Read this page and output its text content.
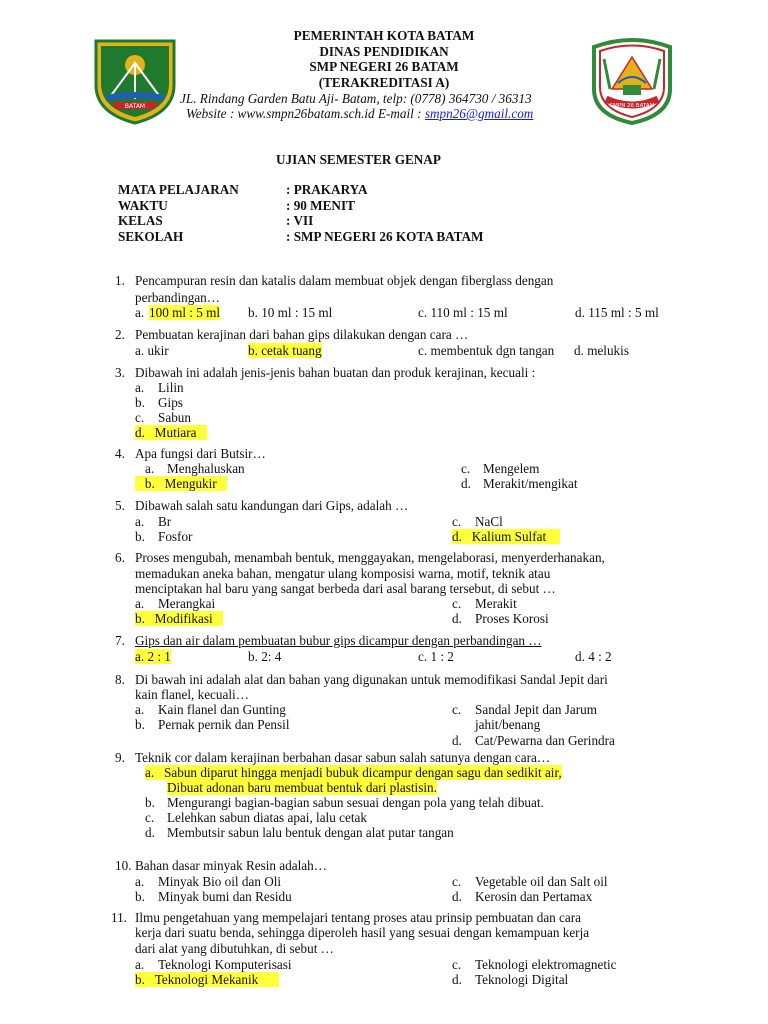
PEMERINTAH KOTA BATAM
DINAS PENDIDIKAN
SMP NEGERI 26 BATAM
(TERAKREDITASI A)
JL. Rindang Garden Batu Aji- Batam, telp: (0778) 364730 / 36313
Website : www.smpn26batam.sch.id E-mail : smpn26@gmail.com
BATAM	SMPN 26 BATAM
UJIAN SEMESTER GENAP
MATA PELAJARAN	: PRAKARYA
WAKTU	: 90 MENIT
KELAS	: VII
SEKOLAH	: SMP NEGERI 26 KOTA BATAM
1. Pencampuran resin dan katalis dalam membuat objek dengan fiberglass dengan
perbandingan…
a. 100 ml : 5 ml b. 10 ml : 15 ml	c. 110 ml : 15 ml	d. 115 ml : 5 ml
2. Pembuatan kerajinan dari bahan gips dilakukan dengan cara …
a. ukir	b. cetak tuang	c. membentuk dgn tangan d. melukis
3. Dibawah ini adalah jenis-jenis bahan buatan dan produk kerajinan, kecuali :
a. Lilin
b. Gips
c. Sabun
d. Mutiara
4. Apa fungsi dari Butsir…
a. Menghaluskan
b. Mengukir
c. Mengelem
d. Merakit/mengikat
5. Dibawah salah satu kandungan dari Gips, adalah …
a. Br
b. Fosfor
c. NaCl
d. Kalium Sulfat
6. Proses mengubah, menambah bentuk, menggayakan, mengelaborasi, menyerderhanakan,
memadukan aneka bahan, mengatur ulang komposisi warna, motif, teknik atau
menciptakan hal baru yang sangat berbeda dari asal barang tersebut, di sebut …
a. Merangkai
b. Modifikasi
c. Merakit
d. Proses Korosi
7. Gips dan air dalam pembuatan bubur gips dicampur dengan perbandingan …
a. 2 : 1	b. 2: 4	c. 1 : 2	d. 4 : 2
8. Di bawah ini adalah alat dan bahan yang digunakan untuk memodifikasi Sandal Jepit dari
kain flanel, kecuali…
a. Kain flanel dan Gunting
b. Pernak pernik dan Pensil
c. Sandal Jepit dan Jarum
jahit/benang
d. Cat/Pewarna dan Gerindra
9. Teknik cor dalam kerajinan berbahan dasar sabun salah satunya dengan cara…
a. Sabun diparut hingga menjadi bubuk dicampur dengan sagu dan sedikit air,
Dibuat adonan baru membuat bentuk dari plastisin.
b. Mengurangi bagian-bagian sabun sesuai dengan pola yang telah dibuat.
c. Lelehkan sabun diatas apai, lalu cetak
d. Membutsir sabun lalu bentuk dengan alat putar tangan
10. Bahan dasar minyak Resin adalah…
a. Minyak Bio oil dan Oli
b. Minyak bumi dan Residu
c. Vegetable oil dan Salt oil
d. Kerosin dan Pertamax
11. Ilmu pengetahuan yang mempelajari tentang proses atau prinsip pembuatan dan cara
kerja dari suatu benda, sehingga diperoleh hasil yang sesuai dengan kemampuan kerja
dari alat yang dibutuhkan, di sebut …
a. Teknologi Komputerisasi
b. Teknologi Mekanik
c. Teknologi elektromagnetic
d. Teknologi Digital
